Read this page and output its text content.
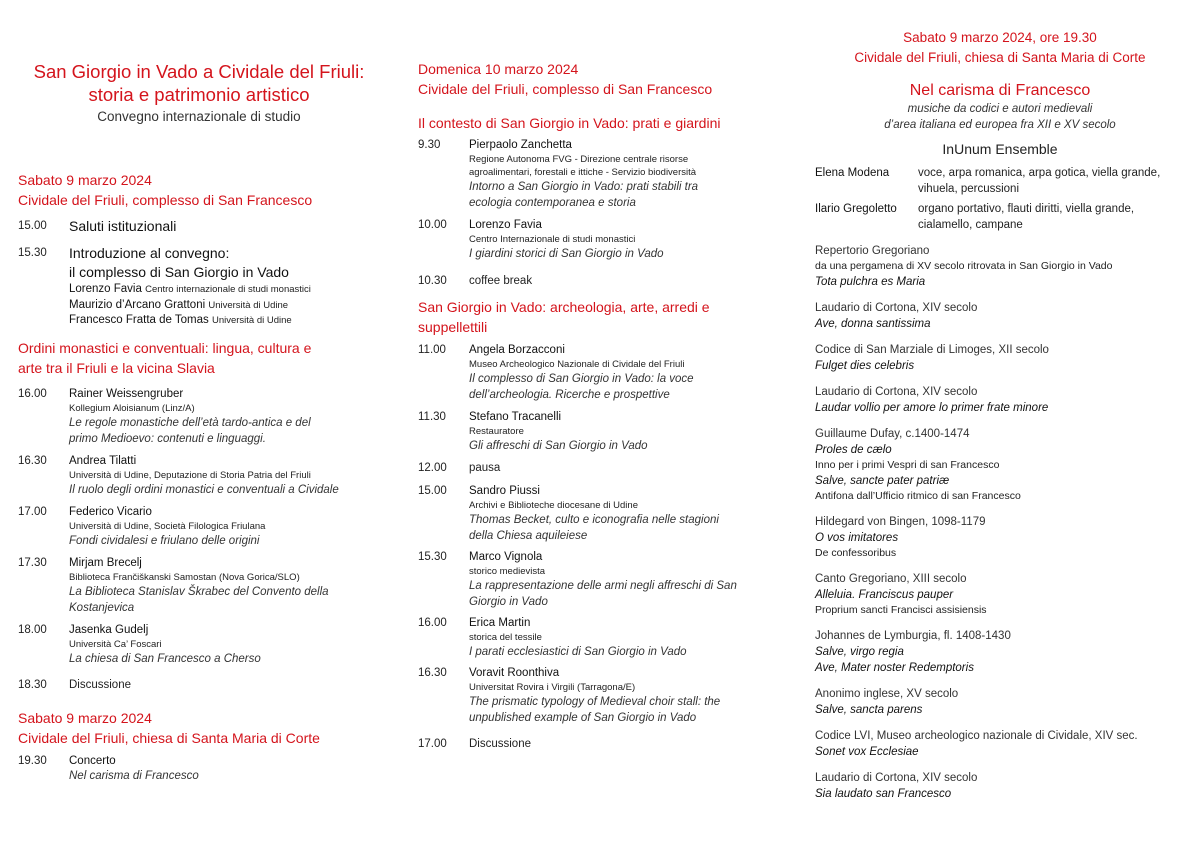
San Giorgio in Vado a Cividale del Friuli:
storia e patrimonio artistico
Convegno internazionale di studio
Sabato 9 marzo 2024
Cividale del Friuli, complesso di San Francesco
15.00	Saluti istituzionali
15.30	Introduzione al convegno:
il complesso di San Giorgio in Vado
Lorenzo Favia Centro internazionale di studi monastici
Maurizio d’Arcano Grattoni Università di Udine
Francesco Fratta de Tomas Università di Udine
Ordini monastici e conventuali: lingua, cultura e
arte tra il Friuli e la vicina Slavia
16.00	Rainer Weissengruber
Kollegium Aloisianum (Linz/A)
Le regole monastiche dell’età tardo-antica e del
primo Medioevo: contenuti e linguaggi.
16.30	Andrea Tilatti
Università di Udine, Deputazione di Storia Patria del Friuli
Il ruolo degli ordini monastici e conventuali a Cividale
17.00	Federico Vicario
Università di Udine, Società Filologica Friulana
Fondi cividalesi e friulano delle origini
17.30	Mirjam Brecelj
Biblioteca Frančiškanski Samostan (Nova Gorica/SLO)
La Biblioteca Stanislav Škrabec del Convento della
Kostanjevica
18.00	Jasenka Gudelj
Università Ca’ Foscari
La chiesa di San Francesco a Cherso
18.30	Discussione
Sabato 9 marzo 2024
Cividale del Friuli, chiesa di Santa Maria di Corte
19.30	Concerto
Nel carisma di Francesco
Domenica 10 marzo 2024
Cividale del Friuli, complesso di San Francesco
Il contesto di San Giorgio in Vado: prati e giardini
9.30	Pierpaolo Zanchetta
Regione Autonoma FVG - Direzione centrale risorse
agroalimentari, forestali e ittiche - Servizio biodiversità
Intorno a San Giorgio in Vado: prati stabili tra
ecologia contemporanea e storia
10.00	Lorenzo Favia
Centro Internazionale di studi monastici
I giardini storici di San Giorgio in Vado
10.30	coffee break
San Giorgio in Vado: archeologia, arte, arredi e
suppellettili
11.00	Angela Borzacconi
Museo Archeologico Nazionale di Cividale del Friuli
Il complesso di San Giorgio in Vado: la voce
dell’archeologia. Ricerche e prospettive
11.30	Stefano Tracanelli
Restauratore
Gli affreschi di San Giorgio in Vado
12.00	pausa
15.00	Sandro Piussi
Archivi e Biblioteche diocesane di Udine
Thomas Becket, culto e iconografia nelle stagioni
della Chiesa aquileiese
15.30	Marco Vignola
storico medievista
La rappresentazione delle armi negli affreschi di San
Giorgio in Vado
16.00	Erica Martin
storica del tessile
I parati ecclesiastici di San Giorgio in Vado
16.30	Voravit Roonthiva
Universitat Rovira i Virgili (Tarragona/E)
The prismatic typology of Medieval choir stall: the
unpublished example of San Giorgio in Vado
17.00	Discussione
Sabato 9 marzo 2024, ore 19.30
Cividale del Friuli, chiesa di Santa Maria di Corte
Nel carisma di Francesco
musiche da codici e autori medievali
d’area italiana ed europea fra XII e XV secolo
InUnum Ensemble
Elena Modena	voce, arpa romanica, arpa gotica, viella grande, vihuela, percussioni
Ilario Gregoletto	organo portativo, flauti diritti, viella grande, cialamello, campane
Repertorio Gregoriano
da una pergamena di XV secolo ritrovata in San Giorgio in Vado
Tota pulchra es Maria
Laudario di Cortona, XIV secolo
Ave, donna santissima
Codice di San Marziale di Limoges, XII secolo
Fulget dies celebris
Laudario di Cortona, XIV secolo
Laudar vollio per amore lo primer frate minore
Guillaume Dufay, c.1400-1474
Proles de cælo
Inno per i primi Vespri di san Francesco
Salve, sancte pater patriæ
Antifona dall’Ufficio ritmico di san Francesco
Hildegard von Bingen, 1098-1179
O vos imitatores
De confessoribus
Canto Gregoriano, XIII secolo
Alleluia. Franciscus pauper
Proprium sancti Francisci assisiensis
Johannes de Lymburgia, fl. 1408-1430
Salve, virgo regia
Ave, Mater noster Redemptoris
Anonimo inglese, XV secolo
Salve, sancta parens
Codice LVI, Museo archeologico nazionale di Cividale, XIV sec.
Sonet vox Ecclesiae
Laudario di Cortona, XIV secolo
Sia laudato san Francesco
